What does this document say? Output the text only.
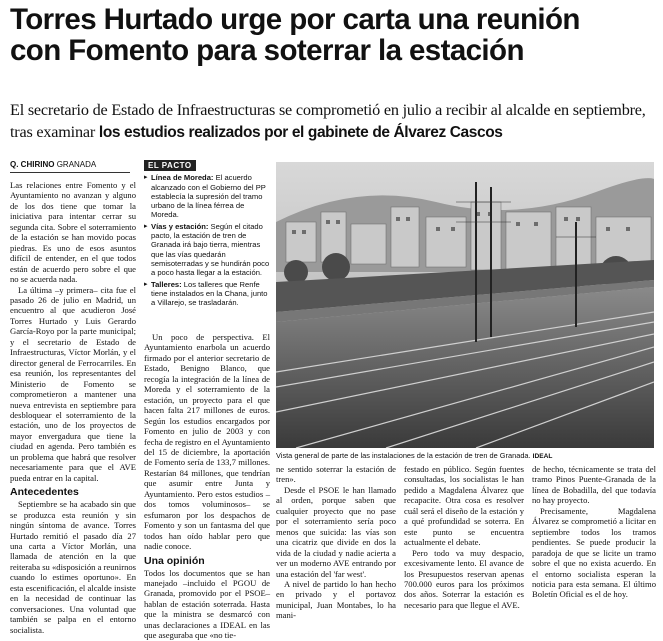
Torres Hurtado urge por carta una reunión
con Fomento para soterrar la estación
El secretario de Estado de Infraestructuras se comprometió en julio a recibir al alcalde en septiembre, tras examinar los estudios realizados por el gabinete de Álvarez Cascos
Q. CHIRINO GRANADA

Las relaciones entre Fomento y el Ayuntamiento no avanzan y alguno de los dos tiene que tomar la iniciativa para intentar cerrar su segunda cita. Sobre el soterramiento de la estación se han movido pocas piedras. Es uno de esos asuntos difícil de entender, en el que todos están de acuerdo pero sobre el que no se acuerda nada.

La última –y primera– cita fue el pasado 26 de julio en Madrid, un encuentro al que acudieron José Torres Hurtado y Luis Gerardo García-Royo por la parte municipal; y el secretario de Estado de Infraestructuras, Víctor Morlán, y el director general de Ferrocarriles. En esa reunión, los representantes del Ministerio de Fomento se comprometieron a mantener una nueva entrevista en septiembre para desbloquear el soterramiento de la estación, uno de los proyectos de mayor envergadura que tiene la ciudad en agenda. Pero también es un problema que habrá que resolver necesariamente para que el AVE pueda entrar en la capital.

Antecedentes

Septiembre se ha acabado sin que se produzca esta reunión y sin ningún síntoma de avance. Torres Hurtado remitió el pasado día 27 una carta a Víctor Morlán, una llamada de atención en la que reiteraba su «disposición a reunirnos cuando lo estimes oportuno». En esta escenificación, el alcalde insiste en la necesidad de continuar las conversaciones. Una voluntad que también se palpa en el entorno socialista.

EL PACTO
▸ Línea de Moreda: El acuerdo alcanzado con el Gobierno del PP establecía la supresión del tramo urbano de la línea férrea de Moreda.
▸ Vías y estación: Según el citado pacto, la estación de tren de Granada irá bajo tierra, mientras que las vías quedarán semisoterradas y se hundirán poco a poco hasta llegar a la estación.
▸ Talleres: Los talleres que Renfe tiene instalados en la Chana, junto a Villarejo, se trasladarán.

Un poco de perspectiva. El Ayuntamiento enarbola un acuerdo firmado por el anterior secretario de Estado, Benigno Blanco, que recogía la integración de la línea de Moreda y el soterramiento de la estación, un proyecto para el que hacen falta 217 millones de euros. Según los estudios encargados por Fomento en julio de 2003 y con fecha de registro en el Ayuntamiento del 15 de diciembre, la aportación de Fomento sería de 133,7 millones. Restarían 84 millones, que tendrían que asumir entre Junta y Ayuntamiento. Pero estos estudios –dos tomos voluminosos– se esfumaron por los despachos de Fomento y son un fantasma del que todos han oído hablar pero que nadie conoce.

Una opinión

Todos los documentos que se han manejado –incluido el PGOU de Granada, promovido por el PSOE– hablan de estación soterrada. Hasta que la ministra se desmarcó con unas declaraciones a IDEAL en las que aseguraba que «no tie-

Vista general de parte de las instalaciones de la estación de tren de Granada. IDEAL

ne sentido soterrar la estación de tren».

Desde el PSOE le han llamado al orden, porque saben que cualquier proyecto que no pase por el soterramiento sería poco menos que suicida: las vías son una cicatriz que divide en dos la vida de la ciudad y nadie acierta a ver un moderno AVE entrando por una estación del 'far west'.

A nivel de partido lo han hecho en privado y el portavoz municipal, Juan Montabes, lo ha mani-

festado en público. Según fuentes consultadas, los socialistas le han pedido a Magdalena Álvarez que recapacite. Otra cosa es resolver cuál será el diseño de la estación y a qué profundidad se soterra. En este punto se encuentra actualmente el debate.

Pero todo va muy despacio, excesivamente lento. El avance de los Presupuestos reservan apenas 700.000 euros para los próximos dos años. Soterrar la estación es necesario para que llegue el AVE.

de hecho, técnicamente se trata del tramo Pinos Puente-Granada de la línea de Bobadilla, del que todavía no hay proyecto.

Precisamente, Magdalena Álvarez se comprometió a licitar en septiembre todos los tramos pendientes. Se puede producir la paradoja de que se licite un tramo sobre el que no exista acuerdo. En el entorno socialista esperan la noticia para esta semana. El último Boletín Oficial es el de hoy.
